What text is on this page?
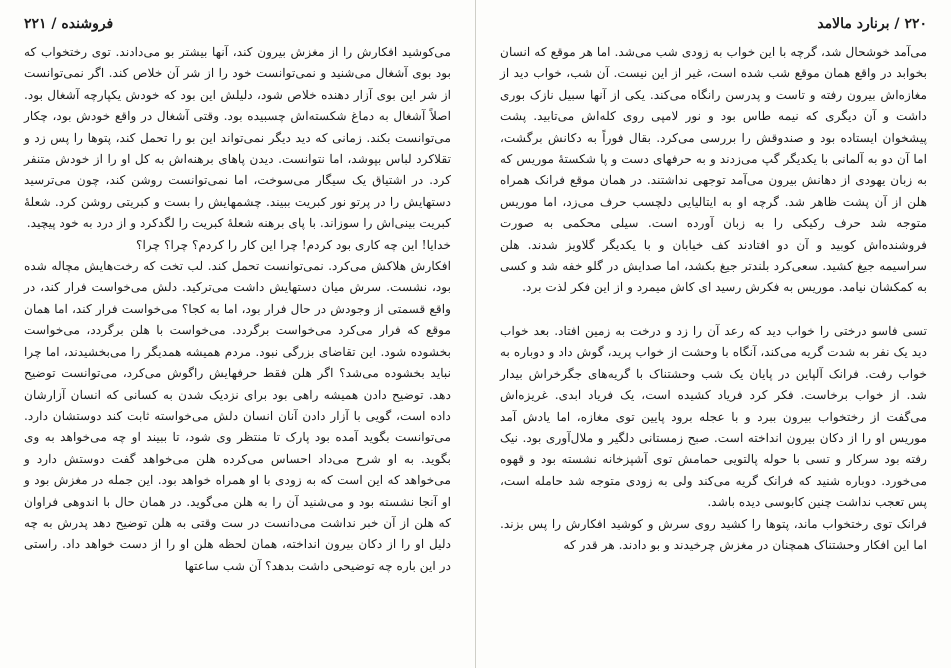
فروشنده / ۲۲۱

می‌کوشید افکارش را از مغزش بیرون کند، آنها بیشتر بو می‌دادند. توی رختخواب که بود بوی آشغال می‌شنید و نمی‌توانست خود را از شر آن خلاص کند. اگر نمی‌توانست از شر این بوی آزار دهنده خلاص شود، دلیلش این بود که خودش یکپارچه آشغال بود. اصلاً آشغال به دماغ شکسته‌اش چسبیده بود. وقتی آشغال در واقع خودش بود، چکار می‌توانست بکند. زمانی که دید دیگر نمی‌تواند این بو را تحمل کند، پتوها را پس زد و تقلاکرد لباس بپوشد، اما نتوانست. دیدن پاهای برهنه‌اش به کل او را از خودش متنفر کرد. در اشتیاق یک سیگار می‌سوخت، اما نمی‌توانست روشن کند، چون می‌ترسید دستهایش را در پرتو نور کبریت ببیند. چشمهایش را بست و کبریتی روشن کرد. شعلهٔ کبریت بینی‌اش را سوزاند. با پای برهنه شعلهٔ کبریت را لگدکرد و از درد به خود پیچید.

خدایا! این چه کاری بود کردم! چرا این کار را کردم؟ چرا؟ چرا؟

افکارش هلاکش می‌کرد. نمی‌توانست تحمل کند. لب تخت که رخت‌هایش مچاله شده بود، نشست. سرش میان دستهایش داشت می‌ترکید. دلش می‌خواست فرار کند، در واقع قسمتی از وجودش در حال فرار بود، اما به کجا؟ می‌خواست فرار کند، اما همان موقع که فرار می‌کرد می‌خواست برگردد. می‌خواست با هلن برگردد، می‌خواست بخشوده شود. این تقاضای بزرگی نبود. مردم همیشه همدیگر را می‌بخشیدند، اما چرا نباید بخشوده می‌شد؟ اگر هلن فقط حرفهایش راگوش می‌کرد، می‌توانست توضیح دهد. توضیح دادن همیشه راهی بود برای نزدیک شدن به کسانی که انسان آزارشان داده است، گویی با آزار دادن آنان انسان دلش می‌خواسته ثابت کند دوستشان دارد. می‌توانست بگوید آمده بود پارک تا منتظر وی شود، تا ببیند او چه می‌خواهد به وی بگوید. به او شرح می‌داد احساس می‌کرده هلن می‌خواهد گفت دوستش دارد و می‌خواهد که این است که به زودی با او همراه خواهد بود. این جمله در مغزش بود و او آنجا نشسته بود و می‌شنید آن را به هلن می‌گوید. در همان حال با اندوهی فراوان که هلن از آن خبر نداشت می‌دانست در ست وقتی به هلن توضیح دهد پدرش به چه دلیل او را از دکان بیرون انداخته، همان لحظه هلن او را از دست خواهد داد. راستی در این باره چه توضیحی داشت بدهد؟ آن شب ساعتها

۲۲۰ / برنارد مالامد

می‌آمد خوشحال شد، گرچه با این خواب به زودی شب می‌شد. اما هر موقع که انسان بخوابد در واقع همان موقع شب شده است، غیر از این نیست. آن شب، خواب دید از مغازه‌اش بیرون رفته و تاست و پدرسن رانگاه می‌کند. یکی از آنها سبیل نازک بوری داشت و آن دیگری که نیمه طاس بود و نور لامپی روی کله‌اش می‌تابید. پشت پیشخوان ایستاده بود و صندوقش را بررسی می‌کرد. بقال فوراً به دکانش برگشت، اما آن دو به آلمانی با یکدیگر گپ می‌زدند و به حرفهای دست و پا شکستهٔ موریس که به زبان یهودی از دهانش بیرون می‌آمد توجهی نداشتند. در همان موقع فرانک همراه هلن از آن پشت ظاهر شد. گرچه او به ایتالیایی دلچسب حرف می‌زد، اما موریس متوجه شد حرف رکیکی را به زبان آورده است. سیلی محکمی به صورت فروشنده‌اش کوبید و آن دو افتادند کف خیابان و با یکدیگر گلاویز شدند. هلن سراسیمه جیغ کشید. سعی‌کرد بلندتر جیغ بکشد، اما صدایش در گلو خفه شد و کسی به کمکشان نیامد. موریس به فکرش رسید ای کاش میمرد و از این فکر لذت برد.

تسی فاسو درختی را خواب دید که رعد آن را زد و درخت به زمین افتاد. بعد خواب دید یک نفر به شدت گریه می‌کند، آنگاه با وحشت از خواب پرید، گوش داد و دوباره به خواب رفت. فرانک آلپاین در پایان یک شب وحشتناک با گریه‌های جگرخراش بیدار شد. از خواب برخاست. فکر کرد فریاد کشیده است، یک فریاد ابدی. غریزه‌اش می‌گفت از رختخواب بیرون ببرد و با عجله برود پایین توی مغازه، اما یادش آمد موریس او را از دکان بیرون انداخته است. صبح زمستانی دلگیر و ملال‌آوری بود. نیک رفته بود سرکار و تسی با حوله پالتویی حمامش توی آشپزخانه نشسته بود و قهوه می‌خورد. دوباره شنید که فرانک گریه می‌کند ولی به زودی متوجه شد حامله است، پس تعجب نداشت چنین کابوسی دیده باشد.

فرانک توی رختخواب ماند، پتوها را کشید روی سرش و کوشید افکارش را پس بزند. اما این افکار وحشتناک همچنان در مغزش چرخیدند و بو دادند. هر قدر که
